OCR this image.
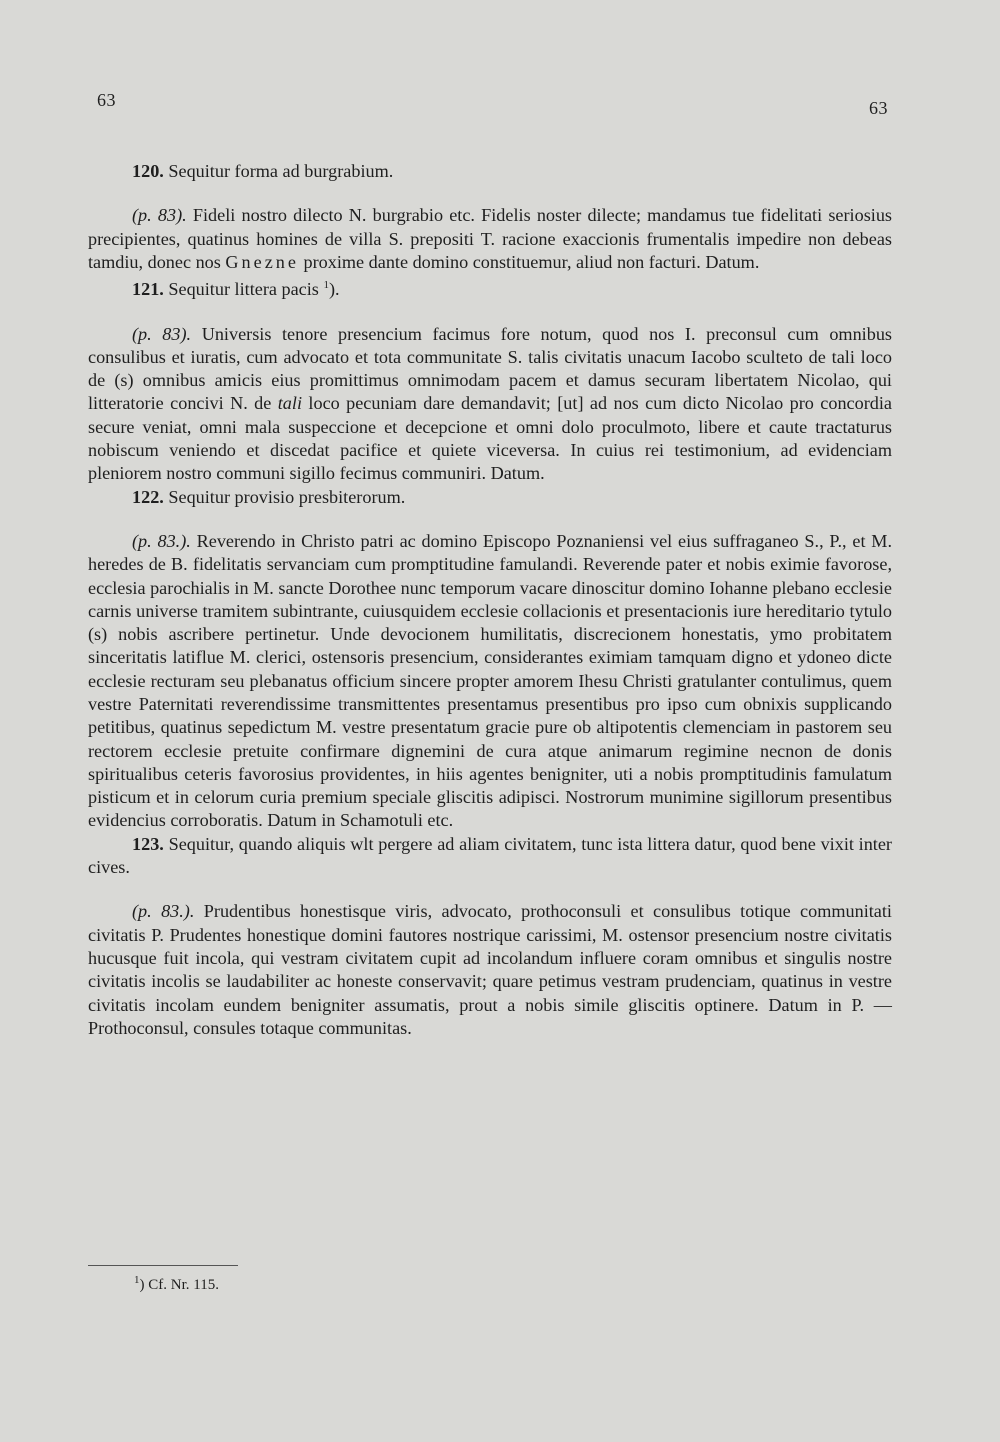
63	63

120. Sequitur forma ad burgrabium.

(p. 83). Fideli nostro dilecto N. burgrabio etc. Fidelis noster dilecte; mandamus tue fidelitati seriosius precipientes, quatinus homines de villa S. prepositi T. racione exaccionis frumentalis impedire non debeas tamdiu, donec nos Gnezne proxime dante domino constituemur, aliud non facturi. Datum.

121. Sequitur littera pacis $^1$).

(p. 83). Universis tenore presencium facimus fore notum, quod nos I. preconsul cum omnibus consulibus et iuratis, cum advocato et tota communitate S. talis civitatis unacum Iacobo sculteto de tali loco de (s) omnibus amicis eius promittimus omnimodam pacem et damus securam libertatem Nicolao, qui litteratorie concivi N. de tali loco pecuniam dare demandavit; [ut] ad nos cum dicto Nicolao pro concordia secure veniat, omni mala suspeccione et decepcione et omni dolo proculmoto, libere et caute tractaturus nobiscum veniendo et discedat pacifice et quiete viceversa. In cuius rei testimonium, ad evidenciam pleniorem nostro communi sigillo fecimus communiri. Datum.

122. Sequitur provisio presbiterorum.

(p. 83.). Reverendo in Christo patri ac domino Episcopo Poznaniensi vel eius suffraganeo S., P., et M. heredes de B. fidelitatis servanciam cum promptitudine famulandi. Reverende pater et nobis eximie favorose, ecclesia parochialis in M. sancte Dorothee nunc temporum vacare dinoscitur domino Iohanne plebano ecclesie carnis universe tramitem subintrante, cuiusquidem ecclesie collacionis et presentacionis iure hereditario tytulo (s) nobis ascribere pertinetur. Unde devocionem humilitatis, discrecionem honestatis, ymo probitatem sinceritatis latiflue M. clerici, ostensoris presencium, considerantes eximiam tamquam digno et ydoneo dicte ecclesie recturam seu plebanatus officium sincere propter amorem Ihesu Christi gratulanter contulimus, quem vestre Paternitati reverendissime transmittentes presentamus presentibus pro ipso cum obnixis supplicando petitibus, quatinus sepedictum M. vestre presentatum gracie pure ob altipotentis clemenciam in pastorem seu rectorem ecclesie pretuite confirmare dignemini de cura atque animarum regimine necnon de donis spiritualibus ceteris favorosius providentes, in hiis agentes benigniter, uti a nobis promptitudinis famulatum pisticum et in celorum curia premium speciale gliscitis adipisci. Nostrorum munimine sigillorum presentibus evidencius corroboratis. Datum in Schamotuli etc.

123. Sequitur, quando aliquis wlt pergere ad aliam civitatem, tunc ista littera datur, quod bene vixit inter cives.

(p. 83.). Prudentibus honestisque viris, advocato, prothoconsuli et consulibus totique communitati civitatis P. Prudentes honestique domini fautores nostrique carissimi, M. ostensor presencium nostre civitatis hucusque fuit incola, qui vestram civitatem cupit ad incolandum influere coram omnibus et singulis nostre civitatis incolis se laudabiliter ac honeste conservavit; quare petimus vestram prudenciam, quatinus in vestre civitatis incolam eundem benigniter assumatis, prout a nobis simile gliscitis optinere. Datum in P. — Prothoconsul, consules totaque communitas.

$^1$) Cf. Nr. 115.
